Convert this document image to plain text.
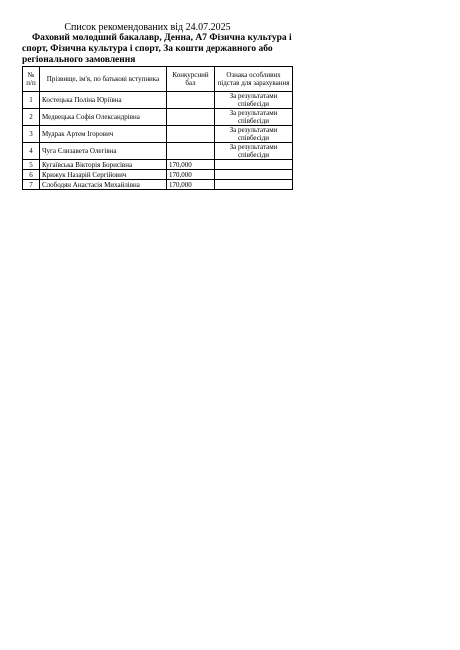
Список рекомендованих від 24.07.2025
Фаховий молодший бакалавр, Денна, А7 Фізична культура і спорт, Фізична культура і спорт, За кошти державного або регіонального замовлення
№ п/п	Прізвище, ім'я, по батькові вступника	Конкурсний бал	Ознака особливих підстав для зарахування
1	Костецька Поліна Юріївна		За результатами співбесіди
2	Медвецька Софія Олександрівна		За результатами співбесіди
3	Мудрак Артем Ігорович		За результатами співбесіди
4	Чуга Єлизавета Олегівна		За результатами співбесіди
5	Кугаївська Вікторія Борисівна	170,000	
6	Крижук Назарій Сергійович	170,000	
7	Слободян Анастасія Михайлівна	170,000	
